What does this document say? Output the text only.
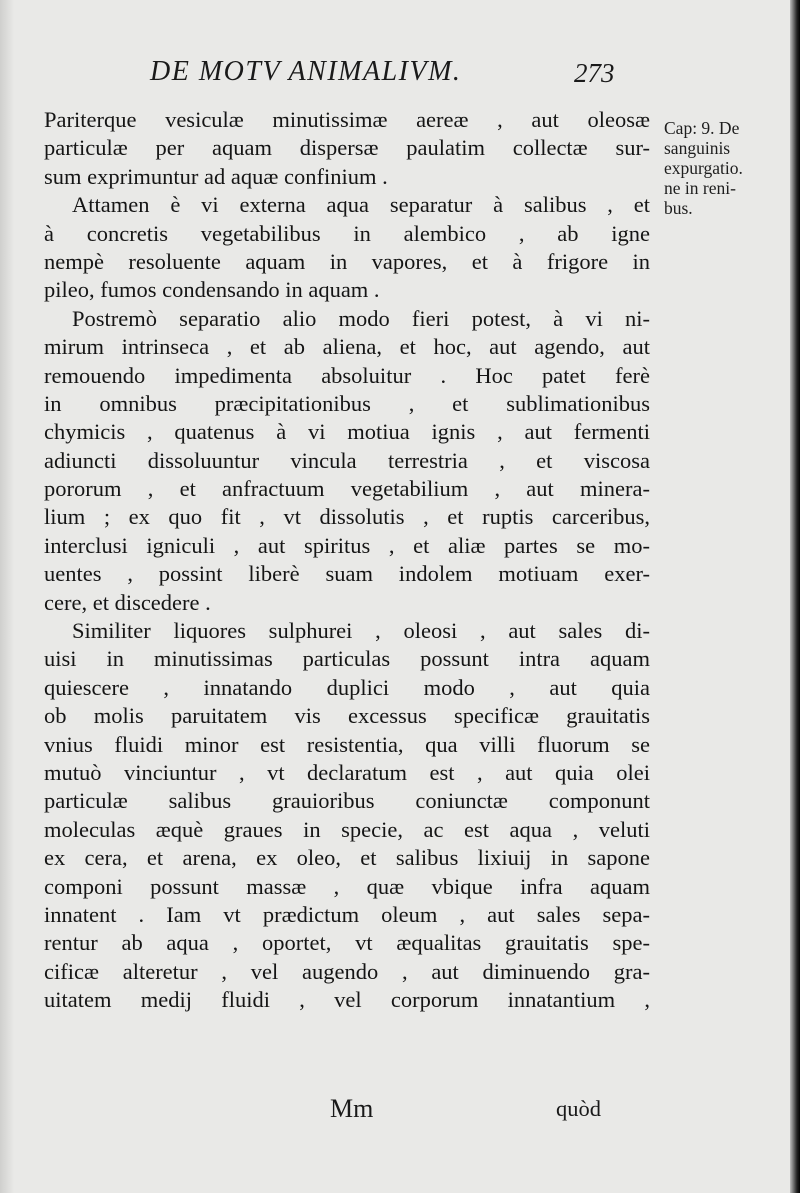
DE MOTV ANIMALIVM.	273
Cap: 9. De
sanguinis
expurgatio.
ne in reni-
bus.
Pariterque vesiculæ minutissimæ aereæ , aut oleosæ
particulæ per aquam dispersæ paulatim collectæ sur-
sum exprimuntur ad aquæ confinium .
Attamen è vi externa aqua separatur à salibus , et
à concretis vegetabilibus in alembico , ab igne
nempè resoluente aquam in vapores, et à frigore in
pileo, fumos condensando in aquam .
Postremò separatio alio modo fieri potest, à vi ni-
mirum intrinseca , et ab aliena, et hoc, aut agendo, aut
remouendo impedimenta absoluitur . Hoc patet ferè
in omnibus præcipitationibus , et sublimationibus
chymicis , quatenus à vi motiua ignis , aut fermenti
adiuncti dissoluuntur vincula terrestria , et viscosa
pororum , et anfractuum vegetabilium , aut minera-
lium ; ex quo fit , vt dissolutis , et ruptis carceribus,
interclusi igniculi , aut spiritus , et aliæ partes se mo-
uentes , possint liberè suam indolem motiuam exer-
cere, et discedere .
Similiter liquores sulphurei , oleosi , aut sales di-
uisi in minutissimas particulas possunt intra aquam
quiescere , innatando duplici modo , aut quia
ob molis paruitatem vis excessus specificæ grauitatis
vnius fluidi minor est resistentia, qua villi fluorum se
mutuò vinciuntur , vt declaratum est , aut quia olei
particulæ salibus grauioribus coniunctæ componunt
moleculas æquè graues in specie, ac est aqua , veluti
ex cera, et arena, ex oleo, et salibus lixiuij in sapone
componi possunt massæ , quæ vbique infra aquam
innatent . Iam vt prædictum oleum , aut sales sepa-
rentur ab aqua , oportet, vt æqualitas grauitatis spe-
cificæ alteretur , vel augendo , aut diminuendo gra-
uitatem medij fluidi , vel corporum innatantium ,
Mm	quòd
